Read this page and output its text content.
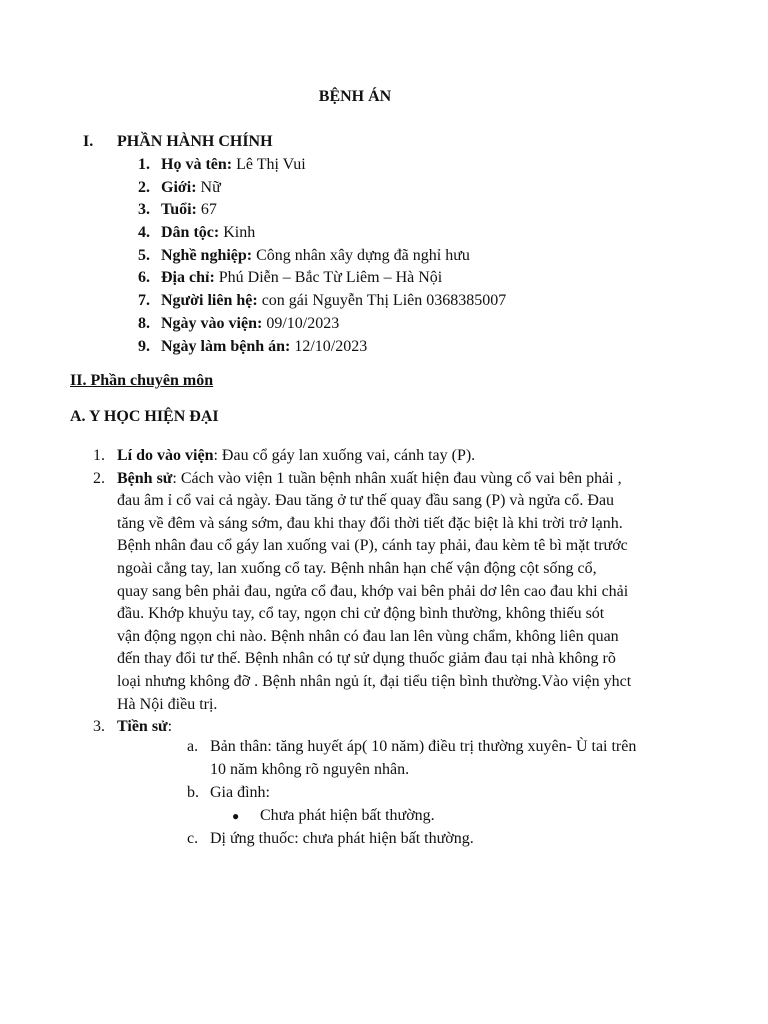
BỆNH ÁN
I. PHẦN HÀNH CHÍNH
1. Họ và tên: Lê Thị Vui
2. Giới: Nữ
3. Tuổi: 67
4. Dân tộc: Kinh
5. Nghề nghiệp: Công nhân xây dựng đã nghỉ hưu
6. Địa chỉ: Phú Diễn – Bắc Từ Liêm – Hà Nội
7. Người liên hệ: con gái Nguyễn Thị Liên 0368385007
8. Ngày vào viện: 09/10/2023
9. Ngày làm bệnh án: 12/10/2023
II. Phần chuyên môn
A. Y HỌC HIỆN ĐẠI
1. Lí do vào viện: Đau cổ gáy lan xuống vai, cánh tay (P).
2. Bệnh sử: Cách vào viện 1 tuần bệnh nhân xuất hiện đau vùng cổ vai bên phải ,
đau âm ỉ cổ vai cả ngày. Đau tăng ở tư thế quay đầu sang (P) và ngửa cổ. Đau
tăng về đêm và sáng sớm, đau khi thay đổi thời tiết đặc biệt là khi trời trở lạnh.
Bệnh nhân đau cổ gáy lan xuống vai (P), cánh tay phải, đau kèm tê bì mặt trước
ngoài cẳng tay, lan xuống cổ tay. Bệnh nhân hạn chế vận động cột sống cổ,
quay sang bên phải đau, ngửa cổ đau, khớp vai bên phải dơ lên cao đau khi chải
đầu. Khớp khuỷu tay, cổ tay, ngọn chi cử động bình thường, không thiếu sót
vận động ngọn chi nào. Bệnh nhân có đau lan lên vùng chẩm, không liên quan
đến thay đổi tư thế. Bệnh nhân có tự sử dụng thuốc giảm đau tại nhà không rõ
loại nhưng không đỡ . Bệnh nhân ngủ ít, đại tiểu tiện bình thường.Vào viện yhct
Hà Nội điều trị.
3. Tiền sử:
a. Bản thân: tăng huyết áp( 10 năm) điều trị thường xuyên- Ù tai trên
10 năm không rõ nguyên nhân.
b. Gia đình:
● Chưa phát hiện bất thường.
c. Dị ứng thuốc: chưa phát hiện bất thường.
